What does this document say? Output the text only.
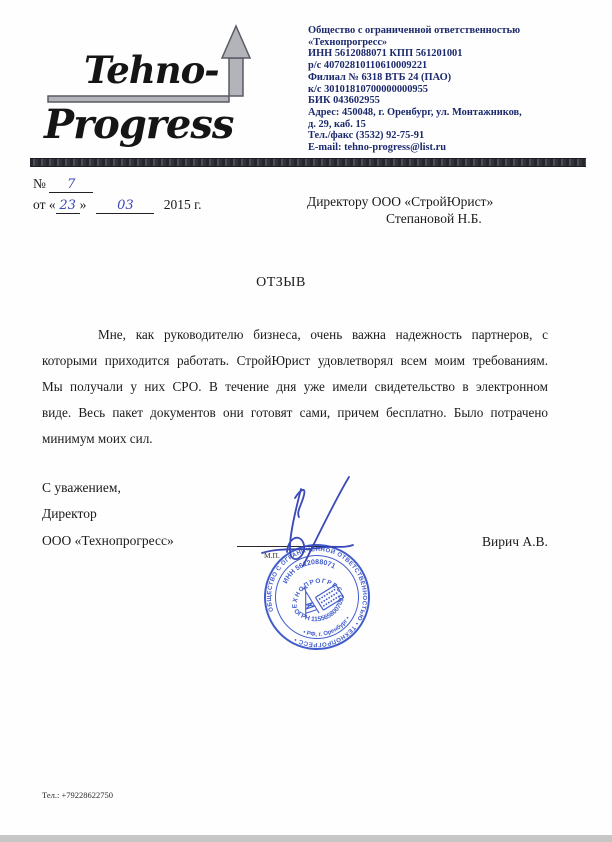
Tehno-
Progress
Общество с ограниченной ответственностью
«Технопрогресс»
ИНН 5612088071 КПП 561201001
р/с 40702810110610009221
Филиал № 6318 ВТБ 24 (ПАО)
к/с 30101810700000000955
БИК 043602955
Адрес: 450048, г. Оренбург, ул. Монтажников,
д. 29, каб. 15
Тел./факс (3532) 92-75-91
E-mail: tehno-progress@list.ru
№ 7
от « 23 » 03 2015 г.	Директору ООО «СтройЮрист»
Степановой Н.Б.
ОТЗЫВ
Мне, как руководителю бизнеса, очень важна надежность партнеров, с
которыми приходится работать. СтройЮрист удовлетворял всем моим требованиям.
Мы получали у них СРО. В течение дня уже имели свидетельство в электронном
виде. Весь пакет документов они готовят сами, причем бесплатно. Было потрачено
минимум моих сил.
С уважением,
Директор
ООО «Технопрогресс»	Вирич А.В.
М.П.
ОБЩЕСТВО С ОГРАНИЧЕННОЙ ОТВЕТСТВЕННОСТЬЮ • ТЕХНОПРОГРЕСС •
ИНН 5612088071
ТЕХНОПРОГРЕСС
ОГРН 1155658007097
• РФ, г. Оренбург •
Тел.: +79228622750
